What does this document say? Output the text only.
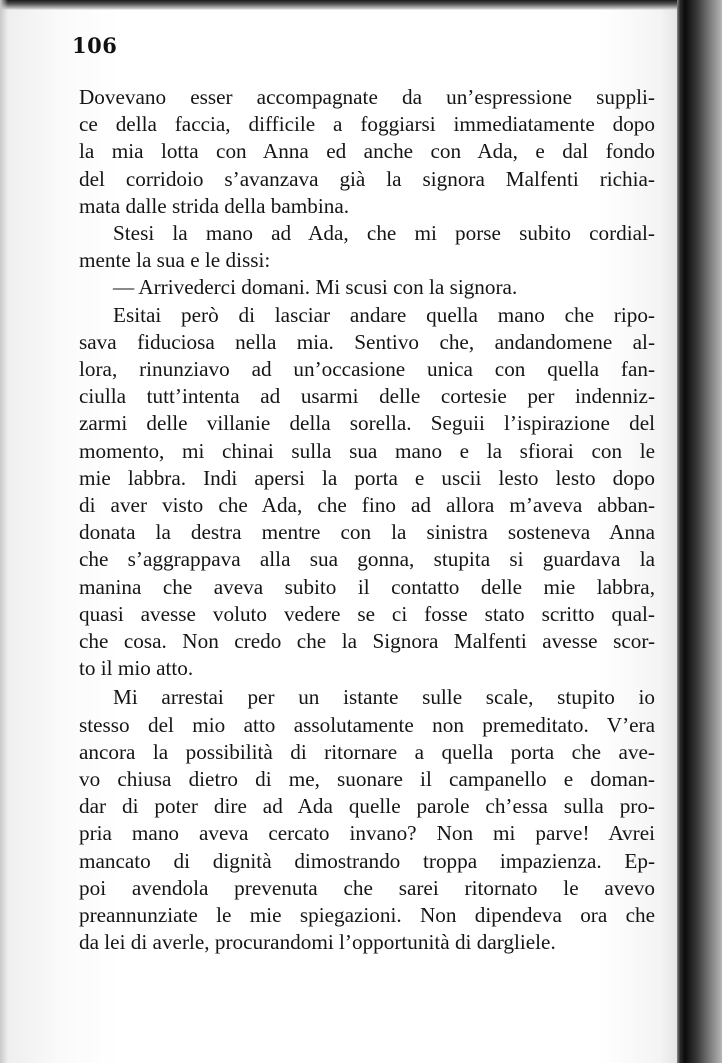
106
Dovevano esser accompagnate da un’espressione suppli-
ce della faccia, difficile a foggiarsi immediatamente dopo
la mia lotta con Anna ed anche con Ada, e dal fondo
del corridoio s’avanzava già la signora Malfenti richia-
mata dalle strida della bambina.
Stesi la mano ad Ada, che mi porse subito cordial-
mente la sua e le dissi:
— Arrivederci domani. Mi scusi con la signora.
Esitai però di lasciar andare quella mano che ripo-
sava fiduciosa nella mia. Sentivo che, andandomene al-
lora, rinunziavo ad un’occasione unica con quella fan-
ciulla tutt’intenta ad usarmi delle cortesie per indenniz-
zarmi delle villanie della sorella. Seguii l’ispirazione del
momento, mi chinai sulla sua mano e la sfiorai con le
mie labbra. Indi apersi la porta e uscii lesto lesto dopo
di aver visto che Ada, che fino ad allora m’aveva abban-
donata la destra mentre con la sinistra sosteneva Anna
che s’aggrappava alla sua gonna, stupita si guardava la
manina che aveva subito il contatto delle mie labbra,
quasi avesse voluto vedere se ci fosse stato scritto qual-
che cosa. Non credo che la Signora Malfenti avesse scor-
to il mio atto.
Mi arrestai per un istante sulle scale, stupito io
stesso del mio atto assolutamente non premeditato. V’era
ancora la possibilità di ritornare a quella porta che ave-
vo chiusa dietro di me, suonare il campanello e doman-
dar di poter dire ad Ada quelle parole ch’essa sulla pro-
pria mano aveva cercato invano? Non mi parve! Avrei
mancato di dignità dimostrando troppa impazienza. Ep-
poi avendola prevenuta che sarei ritornato le avevo
preannunziate le mie spiegazioni. Non dipendeva ora che
da lei di averle, procurandomi l’opportunità di dargliele.
